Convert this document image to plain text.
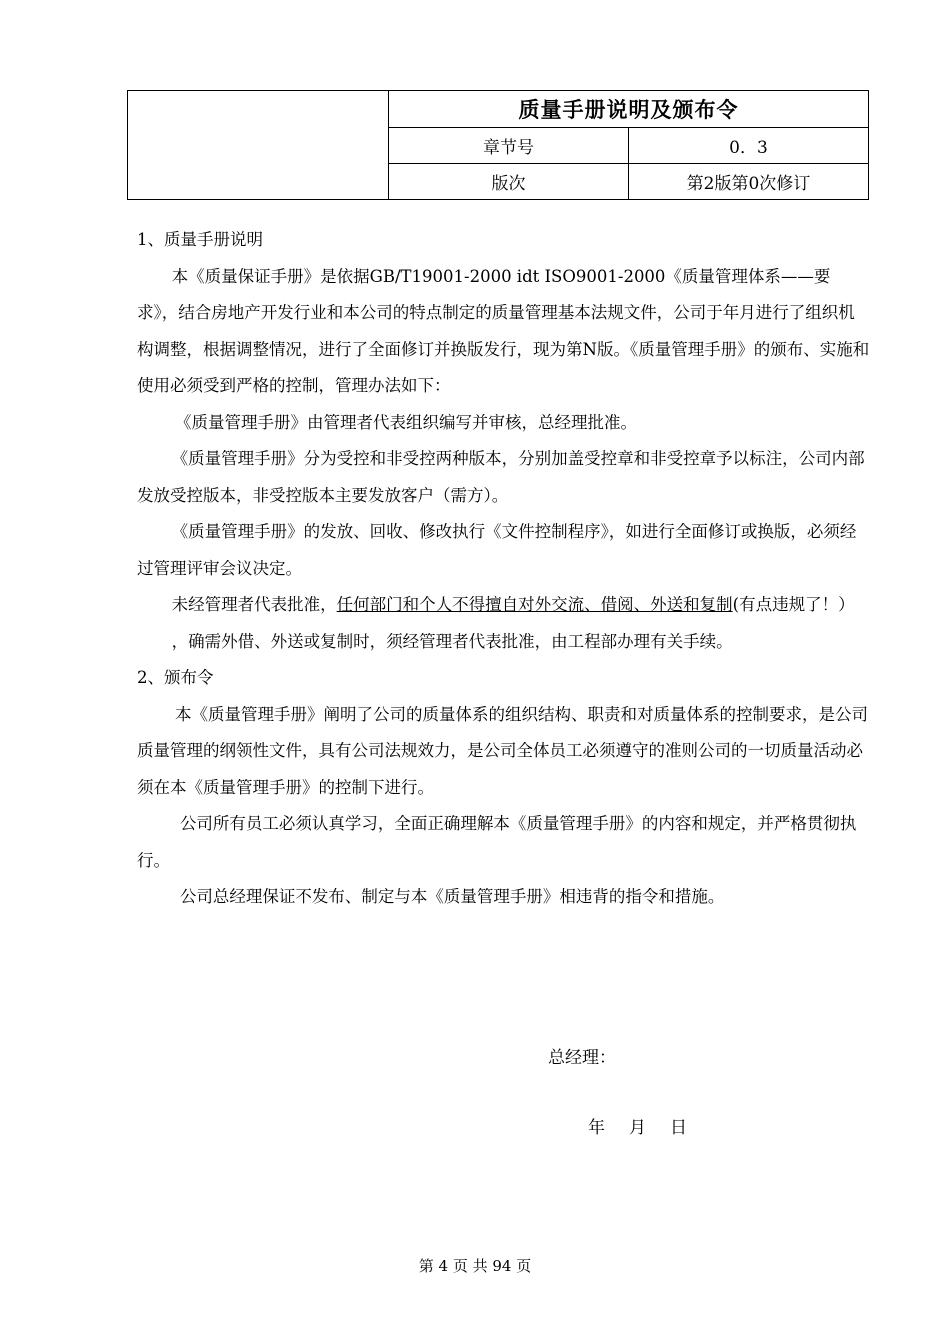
	质量手册说明及颁布令	
	章节号	0．3
	版次	第2版第0次修订

1、质量手册说明

本《质量保证手册》是依据GB/T19001-2000 idt ISO9001-2000《质量管理体系——要求》，结合房地产开发行业和本公司的特点制定的质量管理基本法规文件，公司于年月进行了组织机构调整，根据调整情况，进行了全面修订并换版发行，现为第N版。《质量管理手册》的颁布、实施和使用必须受到严格的控制，管理办法如下：

《质量管理手册》由管理者代表组织编写并审核，总经理批准。

《质量管理手册》分为受控和非受控两种版本，分别加盖受控章和非受控章予以标注，公司内部发放受控版本，非受控版本主要发放客户（需方）。

《质量管理手册》的发放、回收、修改执行《文件控制程序》，如进行全面修订或换版，必须经过管理评审会议决定。

未经管理者代表批准，任何部门和个人不得擅自对外交流、借阅、外送和复制(有点违规了！）

，确需外借、外送或复制时，须经管理者代表批准，由工程部办理有关手续。

2、颁布令

本《质量管理手册》阐明了公司的质量体系的组织结构、职责和对质量体系的控制要求，是公司质量管理的纲领性文件，具有公司法规效力，是公司全体员工必须遵守的准则公司的一切质量活动必须在本《质量管理手册》的控制下进行。

公司所有员工必须认真学习，全面正确理解本《质量管理手册》的内容和规定，并严格贯彻执行。

公司总经理保证不发布、制定与本《质量管理手册》相违背的指令和措施。

总经理：
年 月 日
第 4 页 共 94 页
